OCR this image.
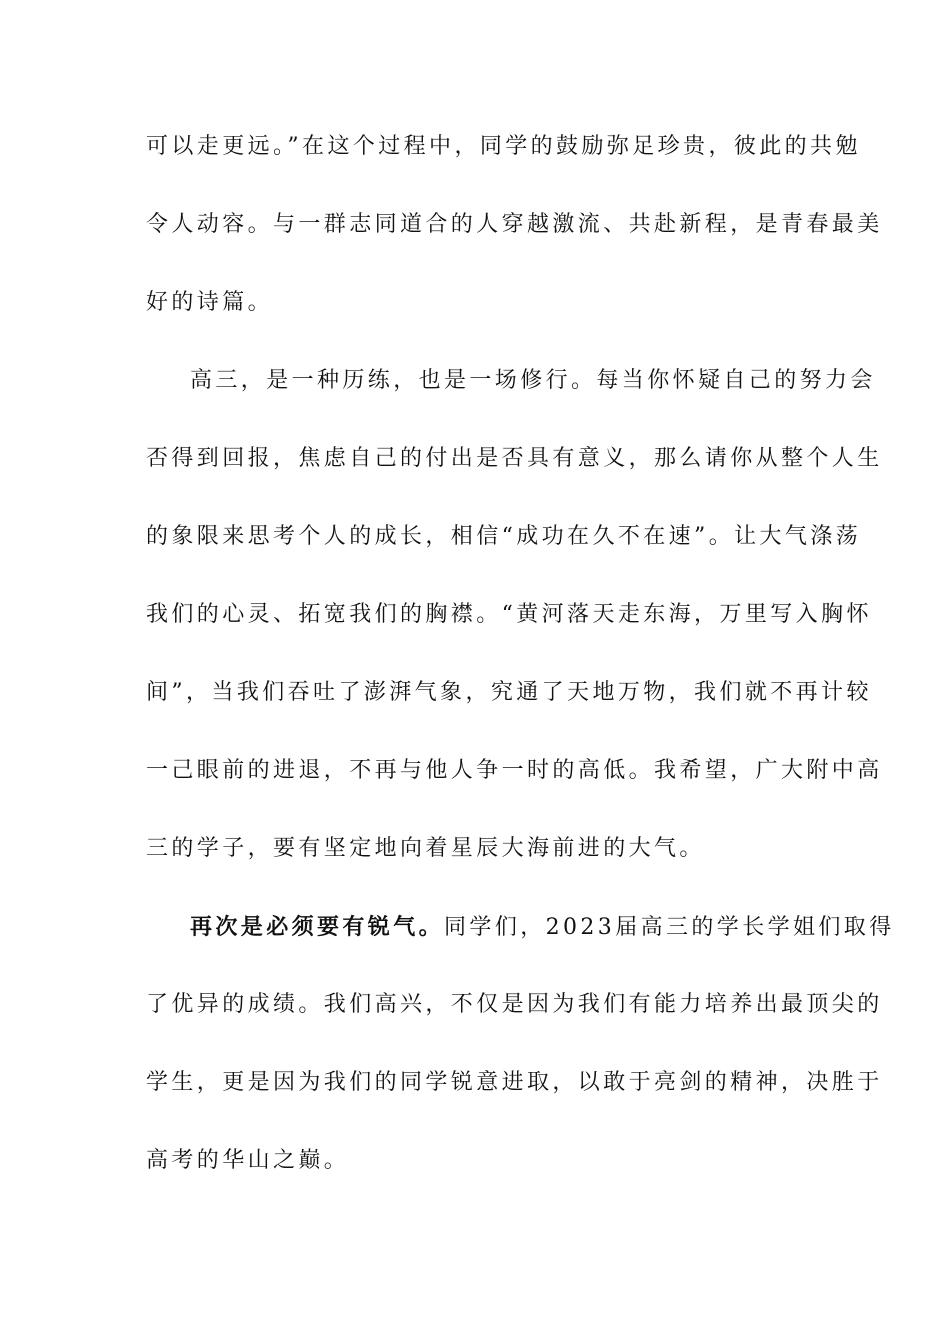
可以走更远。”在这个过程中，同学的鼓励弥足珍贵，彼此的共勉
令人动容。与一群志同道合的人穿越激流、共赴新程，是青春最美
好的诗篇。
高三，是一种历练，也是一场修行。每当你怀疑自己的努力会
否得到回报，焦虑自己的付出是否具有意义，那么请你从整个人生
的象限来思考个人的成长，相信“成功在久不在速”。让大气涤荡
我们的心灵、拓宽我们的胸襟。“黄河落天走东海，万里写入胸怀
间”，当我们吞吐了澎湃气象，究通了天地万物，我们就不再计较
一己眼前的进退，不再与他人争一时的高低。我希望，广大附中高
三的学子，要有坚定地向着星辰大海前进的大气。
再次是必须要有锐气。同学们，2023届高三的学长学姐们取得
了优异的成绩。我们高兴，不仅是因为我们有能力培养出最顶尖的
学生，更是因为我们的同学锐意进取，以敢于亮剑的精神，决胜于
高考的华山之巅。
